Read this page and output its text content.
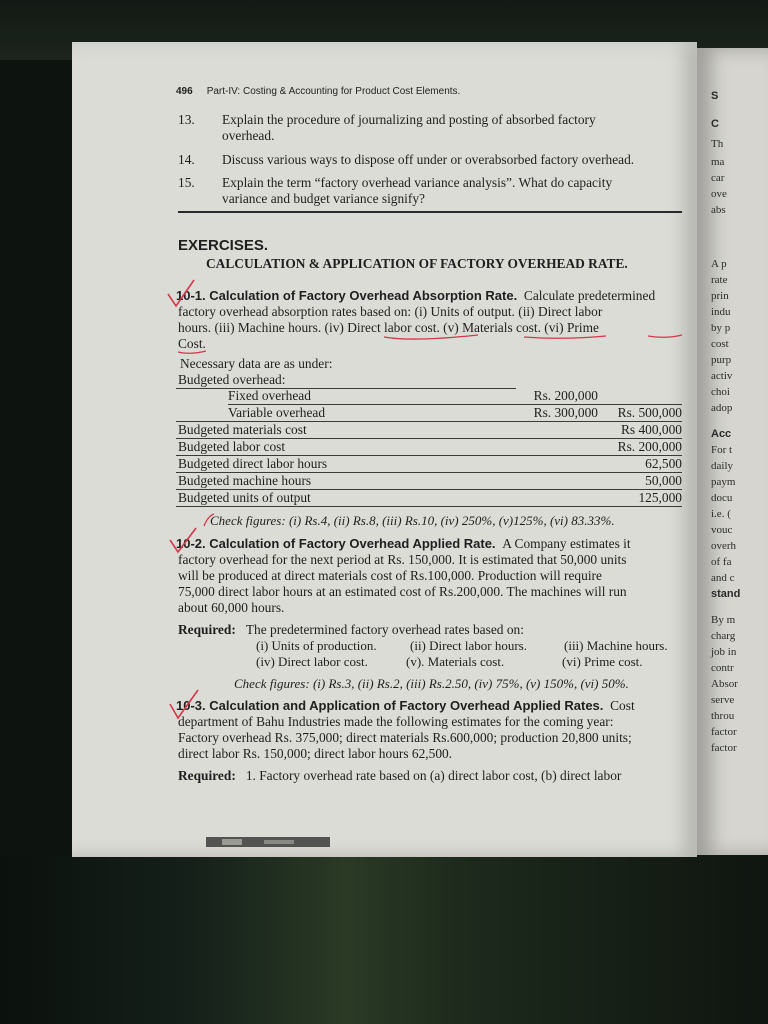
S
C
Th
ma
car
ove
abs
A p
rate
prin
indu
by p
cost
purp
activ
choi
adop
Acc
For t
daily
paym
docu
i.e. (
vouc
overh
of fa
and c
stand
By m
charg
job in
contr
Absor
serve
throu
factor
factor
496 Part-IV: Costing & Accounting for Product Cost Elements.
13. Explain the procedure of journalizing and posting of absorbed factory
overhead.
14. Discuss various ways to dispose off under or overabsorbed factory overhead.
15. Explain the term “factory overhead variance analysis”. What do capacity
variance and budget variance signify?
EXERCISES.
CALCULATION & APPLICATION OF FACTORY OVERHEAD RATE.
10-1. Calculation of Factory Overhead Absorption Rate. Calculate predetermined
factory overhead absorption rates based on: (i) Units of output. (ii) Direct labor
hours. (iii) Machine hours. (iv) Direct labor cost. (v) Materials cost. (vi) Prime
Cost.
Necessary data are as under:
Budgeted overhead:
Fixed overhead	Rs. 200,000
Variable overhead	Rs. 300,000	Rs. 500,000
Budgeted materials cost	Rs 400,000
Budgeted labor cost	Rs. 200,000
Budgeted direct labor hours	62,500
Budgeted machine hours	50,000
Budgeted units of output	125,000
Check figures: (i) Rs.4, (ii) Rs.8, (iii) Rs.10, (iv) 250%, (v)125%, (vi) 83.33%.
10-2. Calculation of Factory Overhead Applied Rate. A Company estimates it
factory overhead for the next period at Rs. 150,000. It is estimated that 50,000 units
will be produced at direct materials cost of Rs.100,000. Production will require
75,000 direct labor hours at an estimated cost of Rs.200,000. The machines will run
about 60,000 hours.
Required: The predetermined factory overhead rates based on:
(i) Units of production.	(ii) Direct labor hours.	(iii) Machine hours.
(iv) Direct labor cost.	(v). Materials cost.	(vi) Prime cost.
Check figures: (i) Rs.3, (ii) Rs.2, (iii) Rs.2.50, (iv) 75%, (v) 150%, (vi) 50%.
10-3. Calculation and Application of Factory Overhead Applied Rates. Cost
department of Bahu Industries made the following estimates for the coming year:
Factory overhead Rs. 375,000; direct materials Rs.600,000; production 20,800 units;
direct labor Rs. 150,000; direct labor hours 62,500.
Required: 1. Factory overhead rate based on (a) direct labor cost, (b) direct labor
